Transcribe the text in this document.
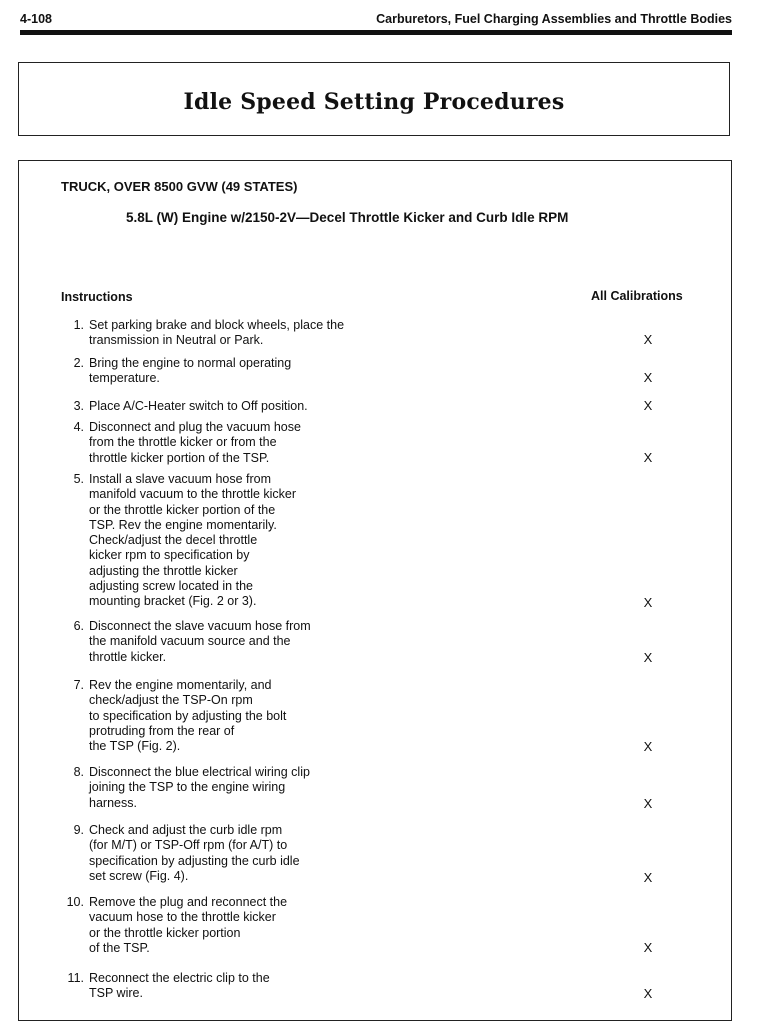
4-108	Carburetors, Fuel Charging Assemblies and Throttle Bodies
Idle Speed Setting Procedures
TRUCK, OVER 8500 GVW (49 STATES)
5.8L (W) Engine w/2150-2V—Decel Throttle Kicker and Curb Idle RPM
Instructions	All Calibrations
1. Set parking brake and block wheels, place the
transmission in Neutral or Park.	X
2. Bring the engine to normal operating
temperature.	X
3. Place A/C-Heater switch to Off position.	X
4. Disconnect and plug the vacuum hose
from the throttle kicker or from the
throttle kicker portion of the TSP.	X
5. Install a slave vacuum hose from
manifold vacuum to the throttle kicker
or the throttle kicker portion of the
TSP. Rev the engine momentarily.
Check/adjust the decel throttle
kicker rpm to specification by
adjusting the throttle kicker
adjusting screw located in the
mounting bracket (Fig. 2 or 3).	X
6. Disconnect the slave vacuum hose from
the manifold vacuum source and the
throttle kicker.	X
7. Rev the engine momentarily, and
check/adjust the TSP-On rpm
to specification by adjusting the bolt
protruding from the rear of
the TSP (Fig. 2).	X
8. Disconnect the blue electrical wiring clip
joining the TSP to the engine wiring
harness.	X
9. Check and adjust the curb idle rpm
(for M/T) or TSP-Off rpm (for A/T) to
specification by adjusting the curb idle
set screw (Fig. 4).	X
10. Remove the plug and reconnect the
vacuum hose to the throttle kicker
or the throttle kicker portion
of the TSP.	X
11. Reconnect the electric clip to the
TSP wire.	X
